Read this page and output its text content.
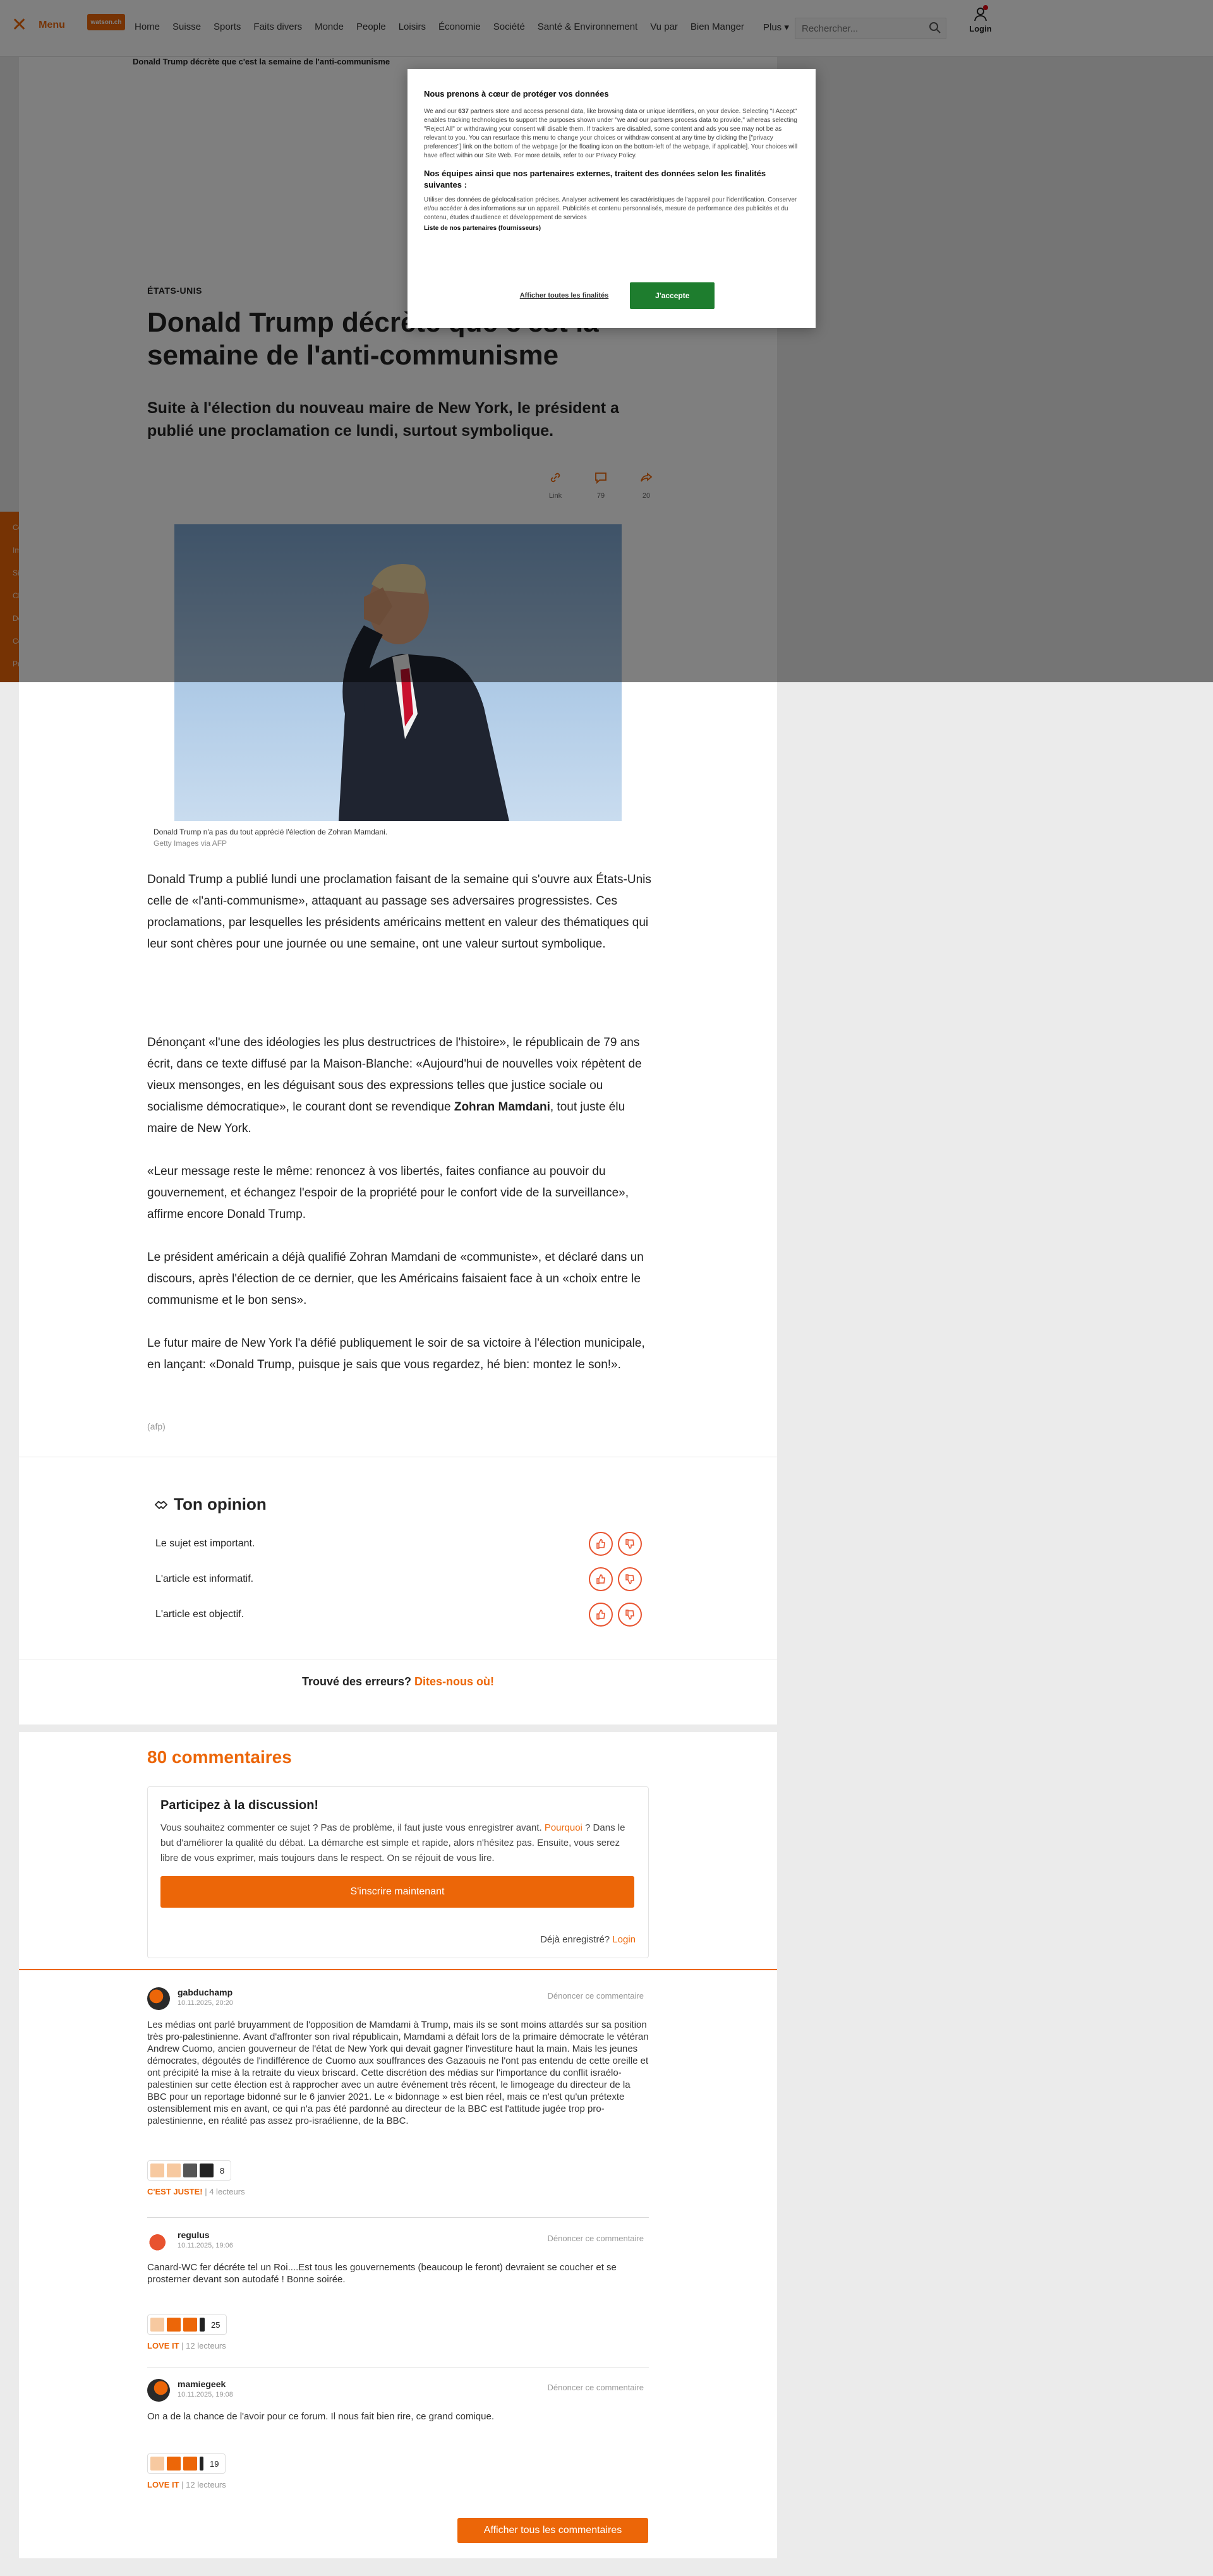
Rechercher...

Donald Trump n'a pas du tout apprécié l'élection de Zohran Mamdani.
Getty Images via AFP

Donald Trump a publié lundi une proclamation faisant de la semaine qui s'ouvre aux États-Unis celle de «l'anti-communisme», attaquant au passage ses adversaires progressistes. Ces proclamations, par lesquelles les présidents américains mettent en valeur des thématiques qui leur sont chères pour une journée ou une semaine, ont une valeur surtout symbolique.

Dénonçant «l'une des idéologies les plus destructrices de l'histoire», le républicain de 79 ans écrit, dans ce texte diffusé par la Maison-Blanche: «Aujourd'hui de nouvelles voix répètent de vieux mensonges, en les déguisant sous des expressions telles que justice sociale ou socialisme démocratique», le courant dont se revendique Zohran Mamdani, tout juste élu maire de New York.

«Leur message reste le même: renoncez à vos libertés, faites confiance au pouvoir du gouvernement, et échangez l'espoir de la propriété pour le confort vide de la surveillance», affirme encore Donald Trump.

Le président américain a déjà qualifié Zohran Mamdani de «communiste», et déclaré dans un discours, après l'élection de ce dernier, que les Américains faisaient face à un «choix entre le communisme et le bon sens».

Le futur maire de New York l'a défié publiquement le soir de sa victoire à l'élection municipale, en lançant: «Donald Trump, puisque je sais que vous regardez, hé bien: montez le son!».

(afp)
Ton opinion
Le sujet est important.
L'article est informatif.
L'article est objectif.
Trouvé des erreurs? Dites-nous où!
80 commentaires
Participez à la discussion!

Vous souhaitez commenter ce sujet ? Pas de problème, il faut juste vous enregistrer avant. Pourquoi ? Dans le but d'améliorer la qualité du débat. La démarche est simple et rapide, alors n'hésitez pas. Ensuite, vous serez libre de vous exprimer, mais toujours dans le respect. On se réjouit de vous lire.

S'inscrire maintenant
Déjà enregistré? Login
gabduchamp
10.11.2025, 20:20
Dénoncer ce commentaire
Les médias ont parlé bruyamment de l'opposition de Mamdami à Trump, mais ils se sont moins attardés sur sa position très pro-palestinienne. Avant d'affronter son rival républicain, Mamdami a défait lors de la primaire démocrate le vétéran Andrew Cuomo, ancien gouverneur de l'état de New York qui devait gagner l'investiture haut la main. Mais les jeunes démocrates, dégoutés de l'indifférence de Cuomo aux souffrances des Gazaouis ne l'ont pas entendu de cette oreille et ont précipité la mise à la retraite du vieux briscard. Cette discrétion des médias sur l'importance du conflit israélo-palestinien sur cette élection est à rapprocher avec un autre événement très récent, le limogeage du directeur de la BBC pour un reportage bidonné sur le 6 janvier 2021. Le « bidonnage » est bien réel, mais ce n'est qu'un prétexte ostensiblement mis en avant, ce qui n'a pas été pardonné au directeur de la BBC est l'attitude jugée trop pro-palestinienne, en réalité pas assez pro-israélienne, de la BBC.
8
C'EST JUSTE! | 4 lecteurs
regulus
10.11.2025, 19:06
Dénoncer ce commentaire
Canard-WC fer décréte tel un Roi....Est tous les gouvernements (beaucoup le feront) devraient se coucher et se prosterner devant son autodafé ! Bonne soirée.
25
LOVE IT | 12 lecteurs
mamiegeek
10.11.2025, 19:08
Dénoncer ce commentaire
On a de la chance de l'avoir pour ce forum. Il nous fait bien rire, ce grand comique.
19
LOVE IT | 12 lecteurs
Afficher tous les commentaires
Nous prenons à cœur de protéger vos données

We and our 637 partners store and access personal data, like browsing data or unique identifiers, on your device. Selecting "I Accept" enables tracking technologies to support the purposes shown under "we and our partners process data to provide," whereas selecting "Reject All" or withdrawing your consent will disable them. If trackers are disabled, some content and ads you see may not be as relevant to you. You can resurface this menu to change your choices or withdraw consent at any time by clicking the ["privacy preferences"] link on the bottom of the webpage [or the floating icon on the bottom-left of the webpage, if applicable]. Your choices will have effect within our Site Web. For more details, refer to our Privacy Policy.

Nos équipes ainsi que nos partenaires externes, traitent des données selon les finalités suivantes :

Utiliser des données de géolocalisation précises. Analyser activement les caractéristiques de l'appareil pour l'identification. Conserver et/ou accéder à des informations sur un appareil. Publicités et contenu personnalisés, mesure de performance des publicités et du contenu, études d'audience et développement de services

Liste de nos partenaires (fournisseurs)
Afficher toutes les finalités	J'accepte
